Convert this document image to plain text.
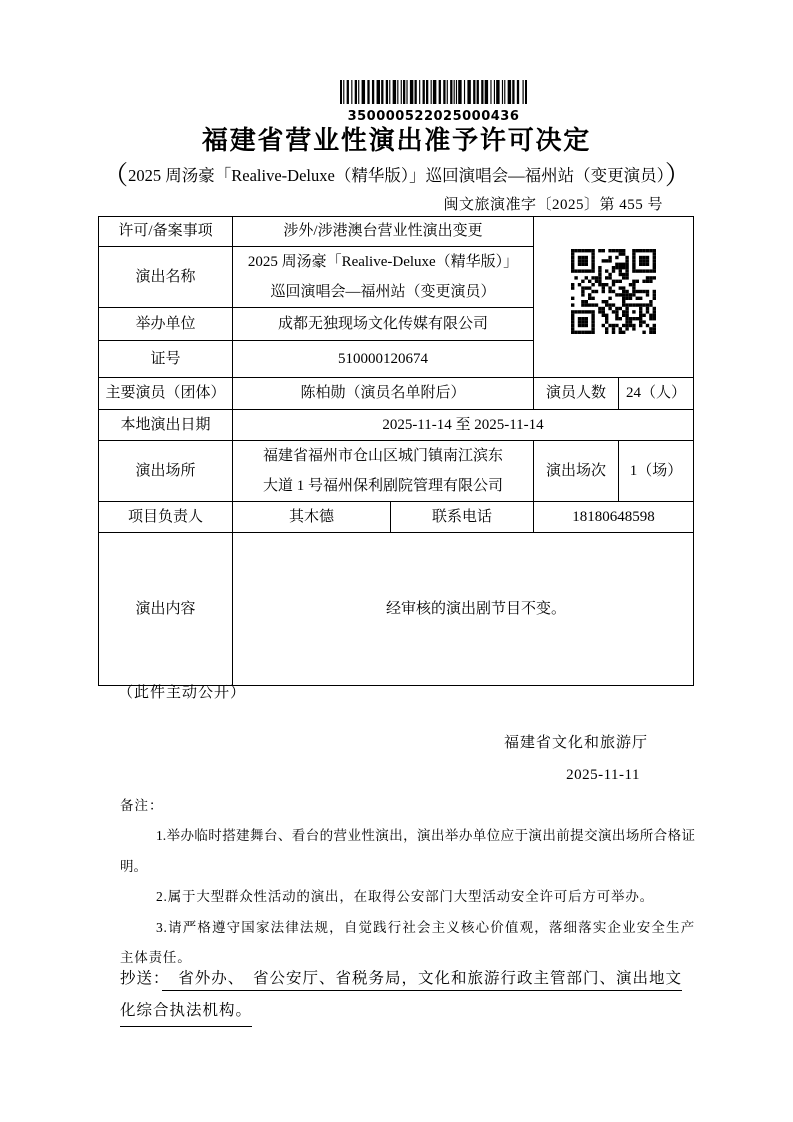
350000522025000436
福建省营业性演出准予许可决定
（2025 周汤豪「Realive-Deluxe（精华版）」巡回演唱会—福州站（变更演员））
闽文旅演准字〔2025〕第 455 号
许可/备案事项	涉外/涉港澳台营业性演出变更	
演出名称	2025 周汤豪「Realive-Deluxe（精华版）」巡回演唱会—福州站（变更演员）			

举办单位	成都无独现场文化传媒有限公司			
证号	510000120674			
主要演员（团体）	陈柏勋（演员名单附后）		演员人数	24（人）
本地演出日期	2025-11-14 至 2025-11-14			
演出场所	福建省福州市仓山区城门镇南江滨东大道 1 号福州保利剧院管理有限公司		演出场次	1（场）
项目负责人	其木德	联系电话	18180648598	
演出内容	经审核的演出剧节目不变。			
（此件主动公开）
福建省文化和旅游厅
2025-11-11
备注：

1.举办临时搭建舞台、看台的营业性演出，演出举办单位应于演出前提交演出场所合格证明。

2.属于大型群众性活动的演出，在取得公安部门大型活动安全许可后方可举办。

3.请严格遵守国家法律法规，自觉践行社会主义核心价值观，落细落实企业安全生产主体责任。

抄送：　省外办、　省公安厅、省税务局，文化和旅游行政主管部门、演出地文
化综合执法机构。
